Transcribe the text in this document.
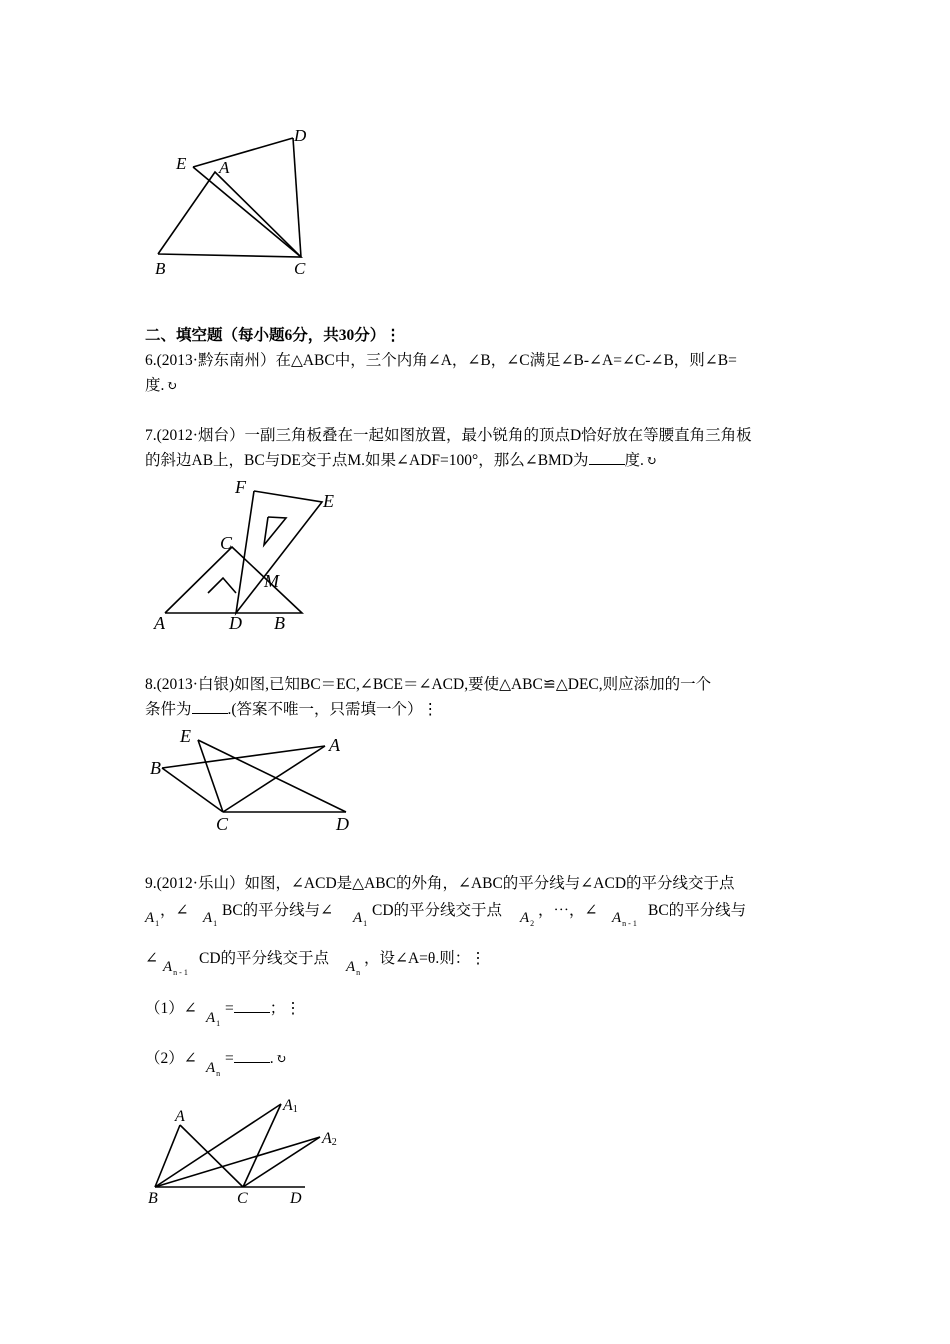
D
E A
B	C
二、填空题（每小题6分，共30分）⋮
6.(2013·黔东南州）在△ABC中，三个内角∠A，∠B，∠C满足∠B-∠A=∠C-∠B，则∠B=
度. ↻
7.(2012·烟台）一副三角板叠在一起如图放置，最小锐角的顶点D恰好放在等腰直角三角板
的斜边AB上，BC与DE交于点M.如果∠ADF=100°，那么∠BMD为 度. ↻
F
E
C
M
A	D B
8.(2013·白银)如图,已知BC＝EC,∠BCE＝∠ACD,要使△ABC≌△DEC,则应添加的一个
条件为 .(答案不唯一，只需填一个）⋮
E	A
B
C	D
9.(2012·乐山）如图，∠ACD是△ABC的外角，∠ABC的平分线与∠ACD的平分线交于点
$A_1$
，∠ $A_1$
BC的平分线与∠ $A_1$
CD的平分线交于点 $A_2$
，⋯，∠ $A_{n - 1}$
BC的平分线与
∠ $A_{n - 1}$
CD的平分线交于点 $A_n$
，设∠A=θ.则：⋮
（1）∠
$A_1$
= ；⋮
（2）∠
$A_n$
= . ↻
A
A1
A2
B	C	D
